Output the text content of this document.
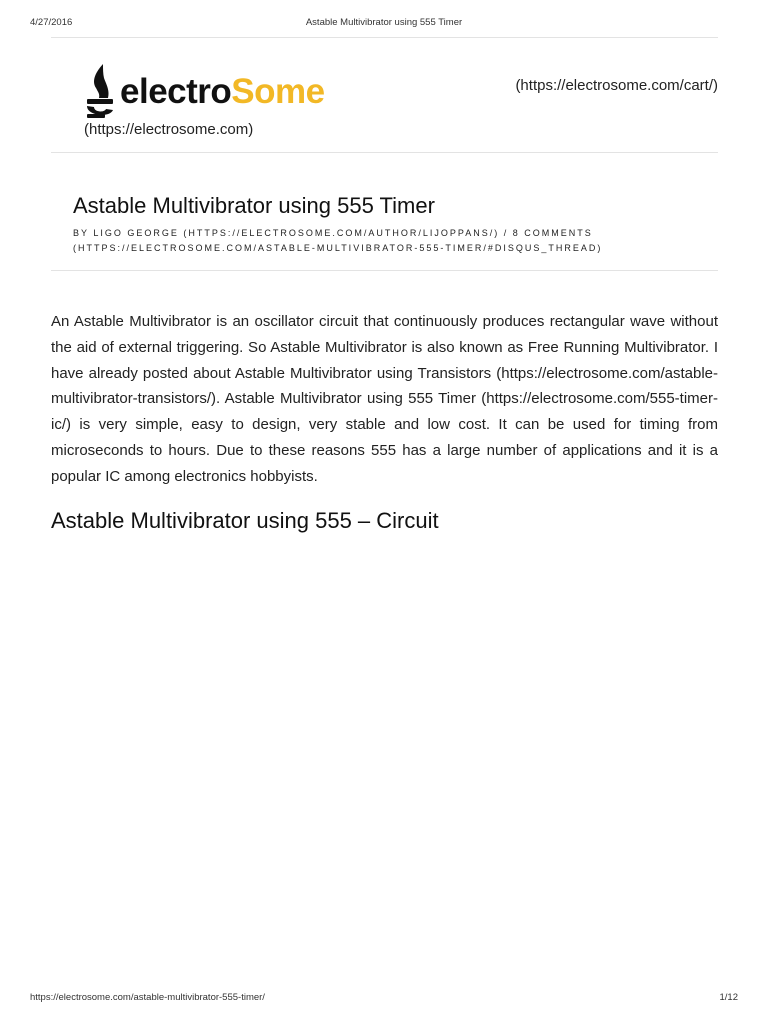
4/27/2016	Astable Multivibrator using 555 Timer
electroSome
(https://electrosome.com)
(https://electrosome.com/cart/)
Astable Multivibrator using 555 Timer
BY LIGO GEORGE (HTTPS://ELECTROSOME.COM/AUTHOR/LIJOPPANS/) / 8 COMMENTS (HTTPS://ELECTROSOME.COM/ASTABLE-MULTIVIBRATOR-555-TIMER/#DISQUS_THREAD)

An Astable Multivibrator is an oscillator circuit that continuously produces rectangular wave without the aid of external triggering. So Astable Multivibrator is also known as Free Running Multivibrator. I have already posted about Astable Multivibrator using Transistors (https://electrosome.com/astable-multivibrator-transistors/). Astable Multivibrator using 555 Timer (https://electrosome.com/555-timer-ic/) is very simple, easy to design, very stable and low cost. It can be used for timing from microseconds to hours. Due to these reasons 555 has a large number of applications and it is a popular IC among electronics hobbyists.

Astable Multivibrator using 555 – Circuit
https://electrosome.com/astable-multivibrator-555-timer/	1/12
